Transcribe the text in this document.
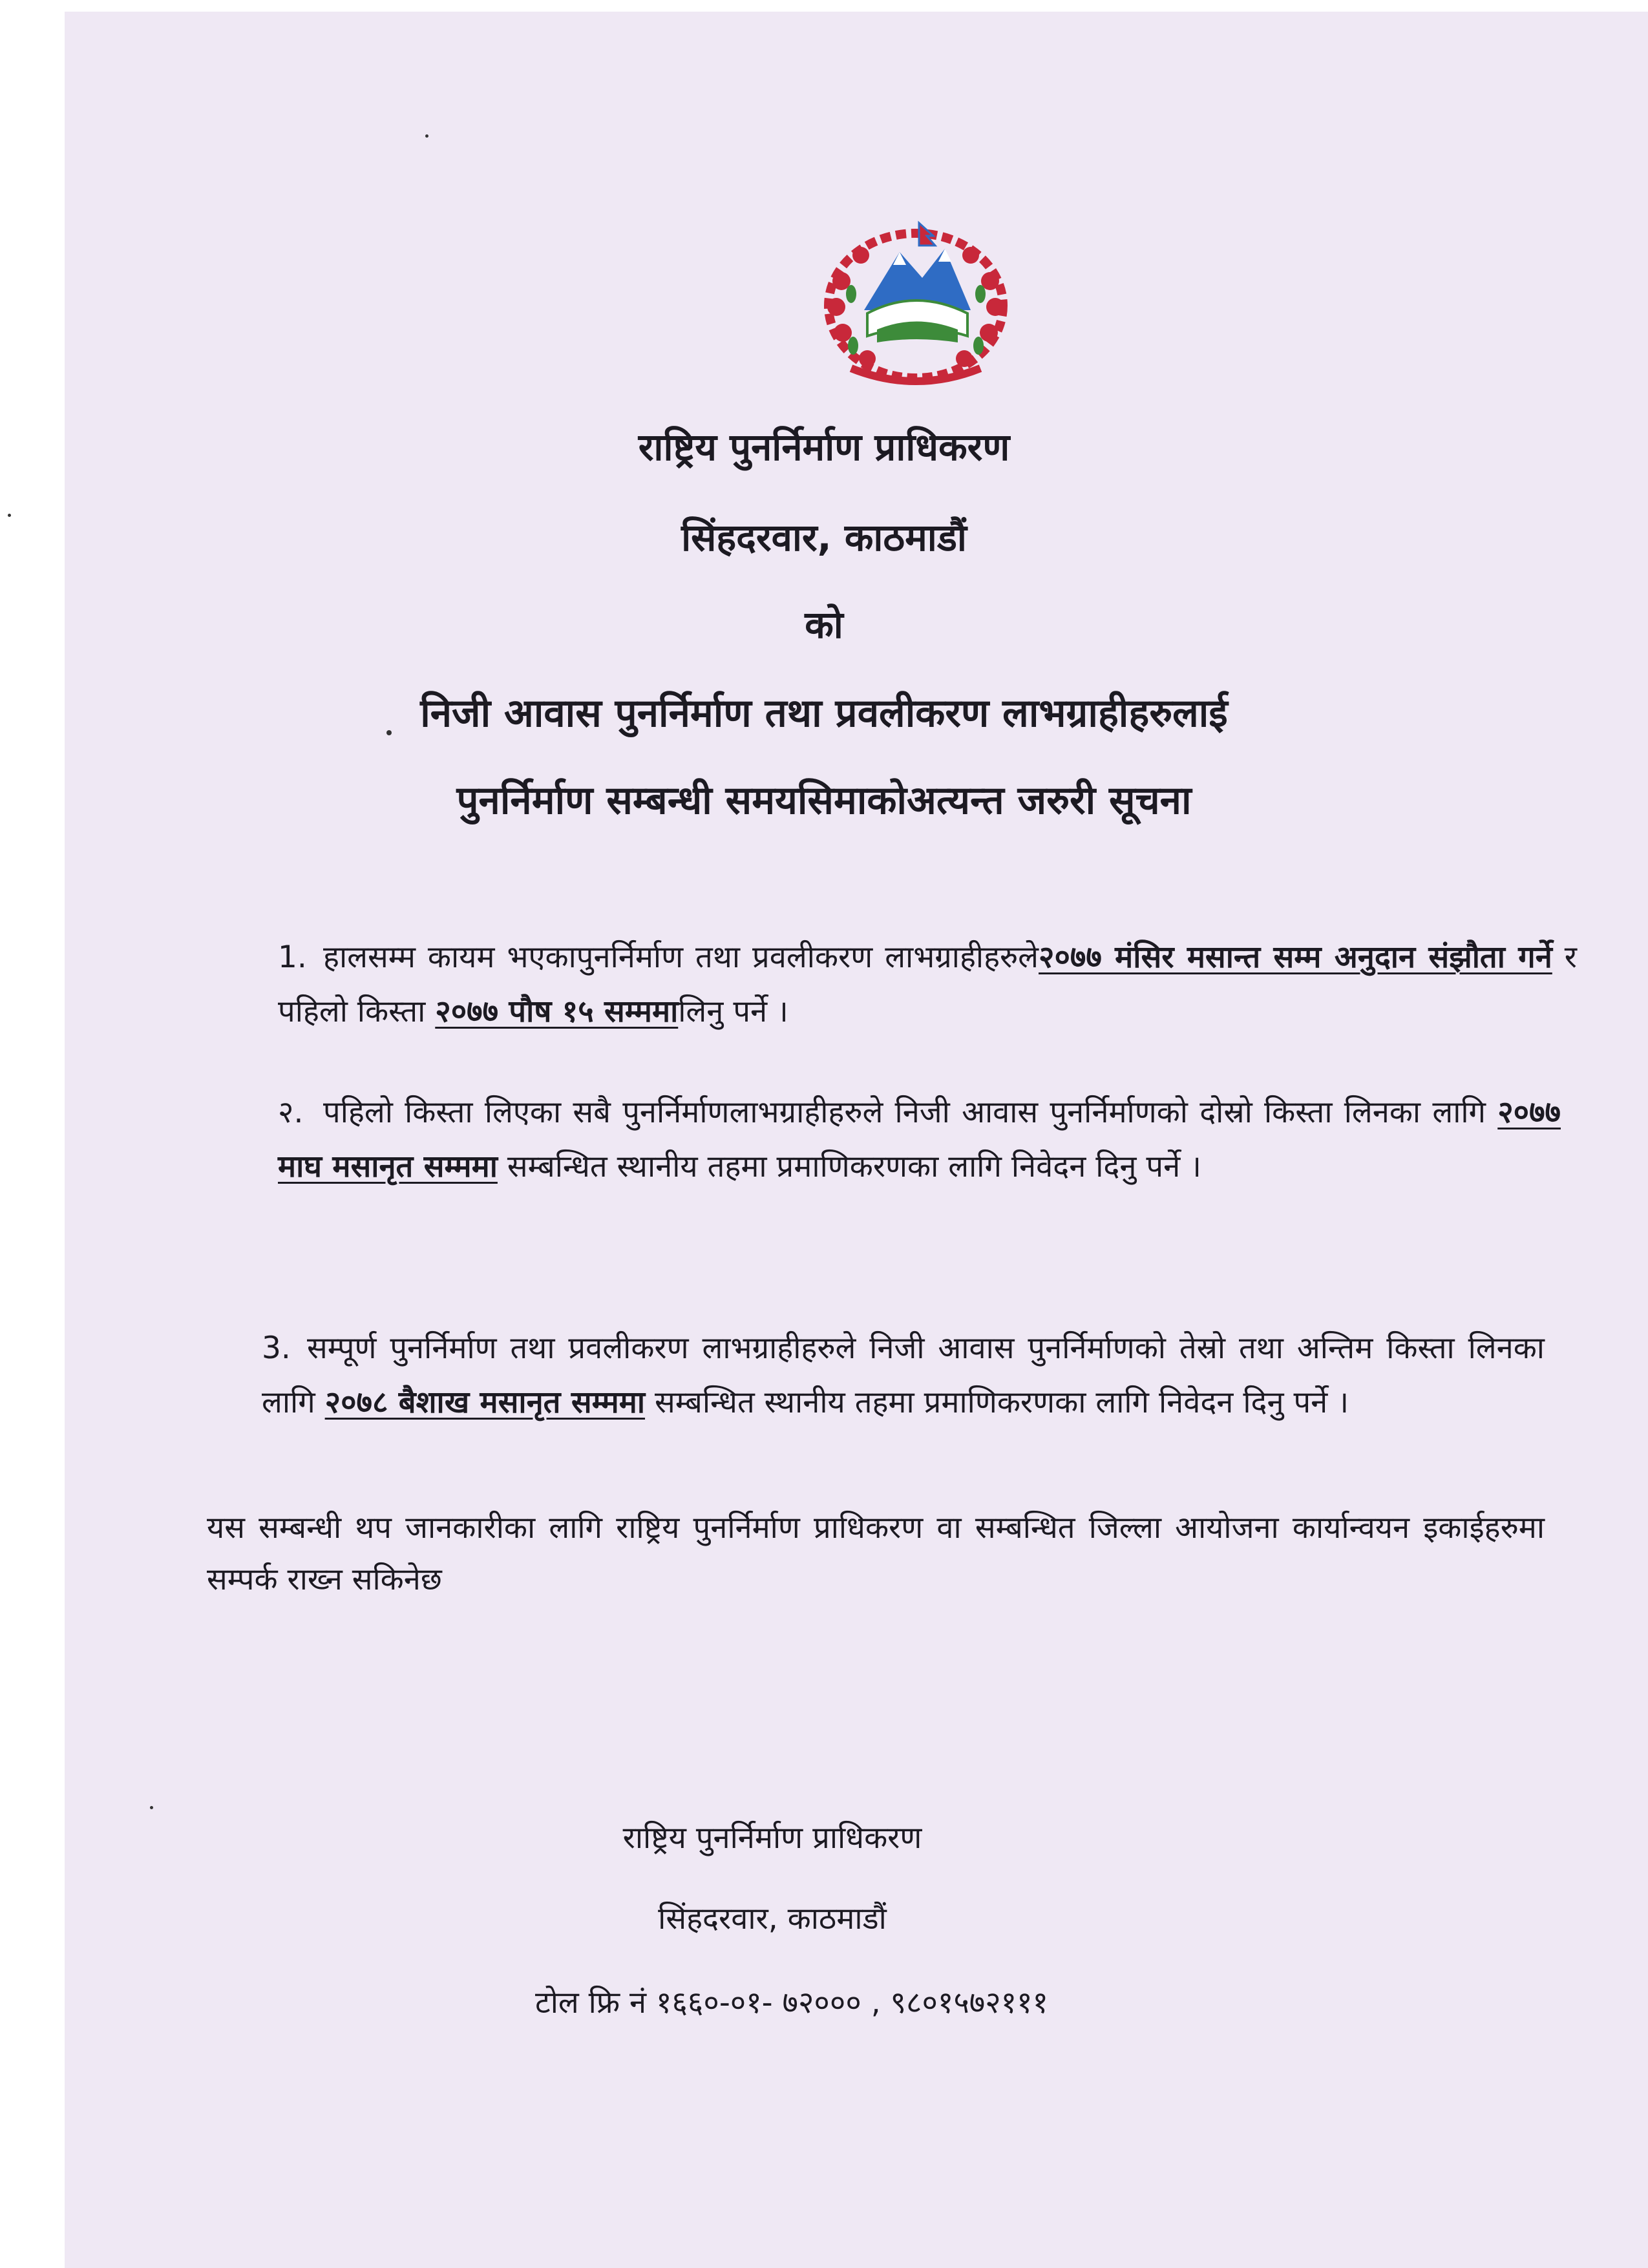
राष्ट्रिय पुनर्निर्माण प्राधिकरण
सिंहदरवार, काठमाडौं
को
निजी आवास पुनर्निर्माण तथा प्रवलीकरण लाभग्राहीहरुलाई
पुनर्निर्माण सम्बन्धी समयसिमाकोअत्यन्त जरुरी सूचना
1. हालसम्म कायम भएकापुनर्निर्माण तथा प्रवलीकरण लाभग्राहीहरुले२०७७ मंसिर मसान्त सम्म अनुदान संझौता गर्ने र पहिलो किस्ता २०७७ पौष १५ सम्ममालिनु पर्ने ।
२. पहिलो किस्ता लिएका सबै पुनर्निर्माणलाभग्राहीहरुले निजी आवास पुनर्निर्माणको दोस्रो किस्ता लिनका लागि २०७७ माघ मसानृत सम्ममा सम्बन्धित स्थानीय तहमा प्रमाणिकरणका लागि निवेदन दिनु पर्ने ।
3. सम्पूर्ण पुनर्निर्माण तथा प्रवलीकरण लाभग्राहीहरुले निजी आवास पुनर्निर्माणको तेस्रो तथा अन्तिम किस्ता लिनका लागि २०७८ बैशाख मसानृत सम्ममा सम्बन्धित स्थानीय तहमा प्रमाणिकरणका लागि निवेदन दिनु पर्ने ।
यस सम्बन्धी थप जानकारीका लागि राष्ट्रिय पुनर्निर्माण प्राधिकरण वा सम्बन्धित जिल्ला आयोजना कार्यान्वयन इकाईहरुमा सम्पर्क राख्न सकिनेछ
राष्ट्रिय पुनर्निर्माण प्राधिकरण
सिंहदरवार, काठमाडौं
टोल फ्रि नं १६६०-०१- ७२००० , ९८०१५७२१११
